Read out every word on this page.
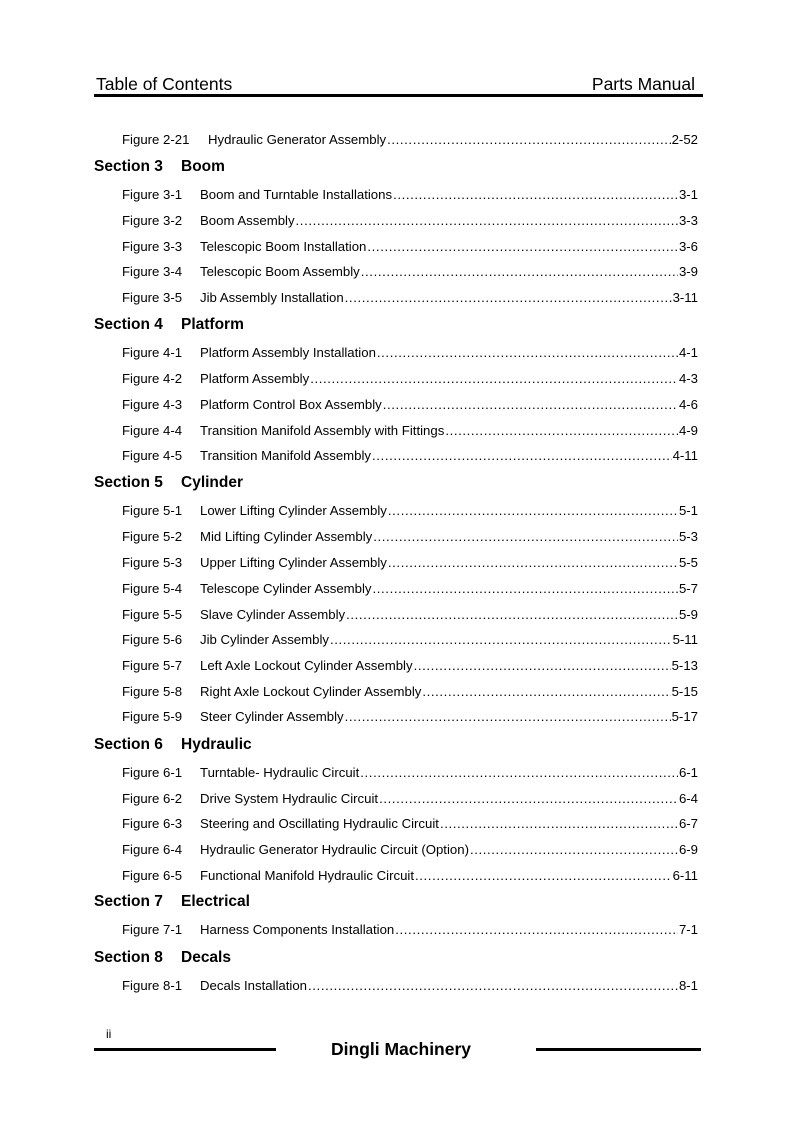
Table of Contents	Parts Manual
Figure 2-21	Hydraulic Generator Assembly .....	2-52
Section 3 Boom
Figure 3-1	Boom and Turntable Installations .....	3-1
Figure 3-2	Boom Assembly .....	3-3
Figure 3-3	Telescopic Boom Installation .....	3-6
Figure 3-4	Telescopic Boom Assembly .....	3-9
Figure 3-5	Jib Assembly Installation .....	3-11
Section 4 Platform
Figure 4-1	Platform Assembly Installation .....	4-1
Figure 4-2	Platform Assembly .....	4-3
Figure 4-3	Platform Control Box Assembly .....	4-6
Figure 4-4	Transition Manifold Assembly with Fittings .....	4-9
Figure 4-5	Transition Manifold Assembly .....	4-11
Section 5 Cylinder
Figure 5-1	Lower Lifting Cylinder Assembly .....	5-1
Figure 5-2	Mid Lifting Cylinder Assembly .....	5-3
Figure 5-3	Upper Lifting Cylinder Assembly .....	5-5
Figure 5-4	Telescope Cylinder Assembly .....	5-7
Figure 5-5	Slave Cylinder Assembly .....	5-9
Figure 5-6	Jib Cylinder Assembly .....	5-11
Figure 5-7	Left Axle Lockout Cylinder Assembly .....	5-13
Figure 5-8	Right Axle Lockout Cylinder Assembly .....	5-15
Figure 5-9	Steer Cylinder Assembly .....	5-17
Section 6 Hydraulic
Figure 6-1	Turntable- Hydraulic Circuit .....	6-1
Figure 6-2	Drive System Hydraulic Circuit .....	6-4
Figure 6-3	Steering and Oscillating Hydraulic Circuit .....	6-7
Figure 6-4	Hydraulic Generator Hydraulic Circuit (Option) .....	6-9
Figure 6-5	Functional Manifold Hydraulic Circuit .....	6-11
Section 7 Electrical
Figure 7-1	Harness Components Installation .....	7-1
Section 8 Decals
Figure 8-1	Decals Installation .....	8-1
ii
Dingli Machinery
